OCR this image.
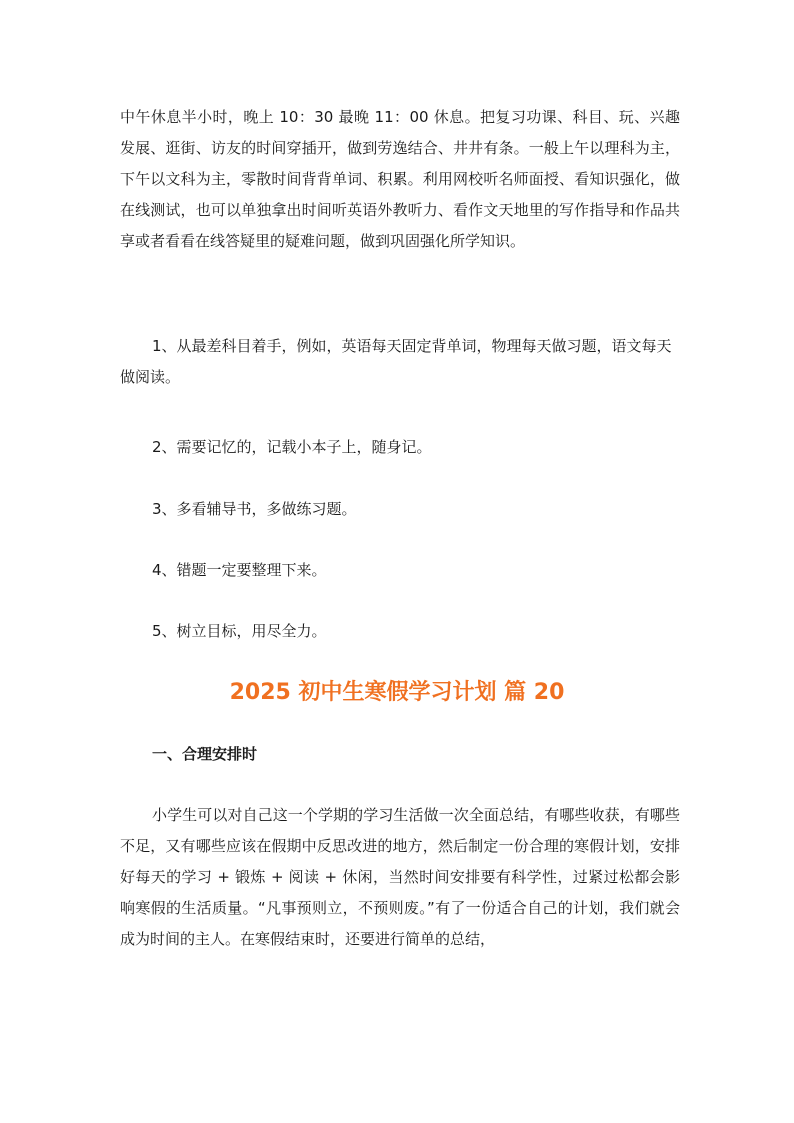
中午休息半小时，晚上 10：30 最晚 11：00 休息。把复习功课、科目、玩、兴趣发展、逛街、访友的时间穿插开，做到劳逸结合、井井有条。一般上午以理科为主，下午以文科为主，零散时间背背单词、积累。利用网校听名师面授、看知识强化，做在线测试，也可以单独拿出时间听英语外教听力、看作文天地里的写作指导和作品共享或者看看在线答疑里的疑难问题，做到巩固强化所学知识。

1、从最差科目着手，例如，英语每天固定背单词，物理每天做习题，语文每天做阅读。

2、需要记忆的，记载小本子上，随身记。

3、多看辅导书，多做练习题。

4、错题一定要整理下来。

5、树立目标，用尽全力。

2025 初中生寒假学习计划 篇 20
一、合理安排时

小学生可以对自己这一个学期的学习生活做一次全面总结，有哪些收获，有哪些不足，又有哪些应该在假期中反思改进的地方，然后制定一份合理的寒假计划，安排好每天的学习 + 锻炼 + 阅读 + 休闲，当然时间安排要有科学性，过紧过松都会影响寒假的生活质量。“凡事预则立，不预则废。”有了一份适合自己的计划，我们就会成为时间的主人。在寒假结束时，还要进行简单的总结，
